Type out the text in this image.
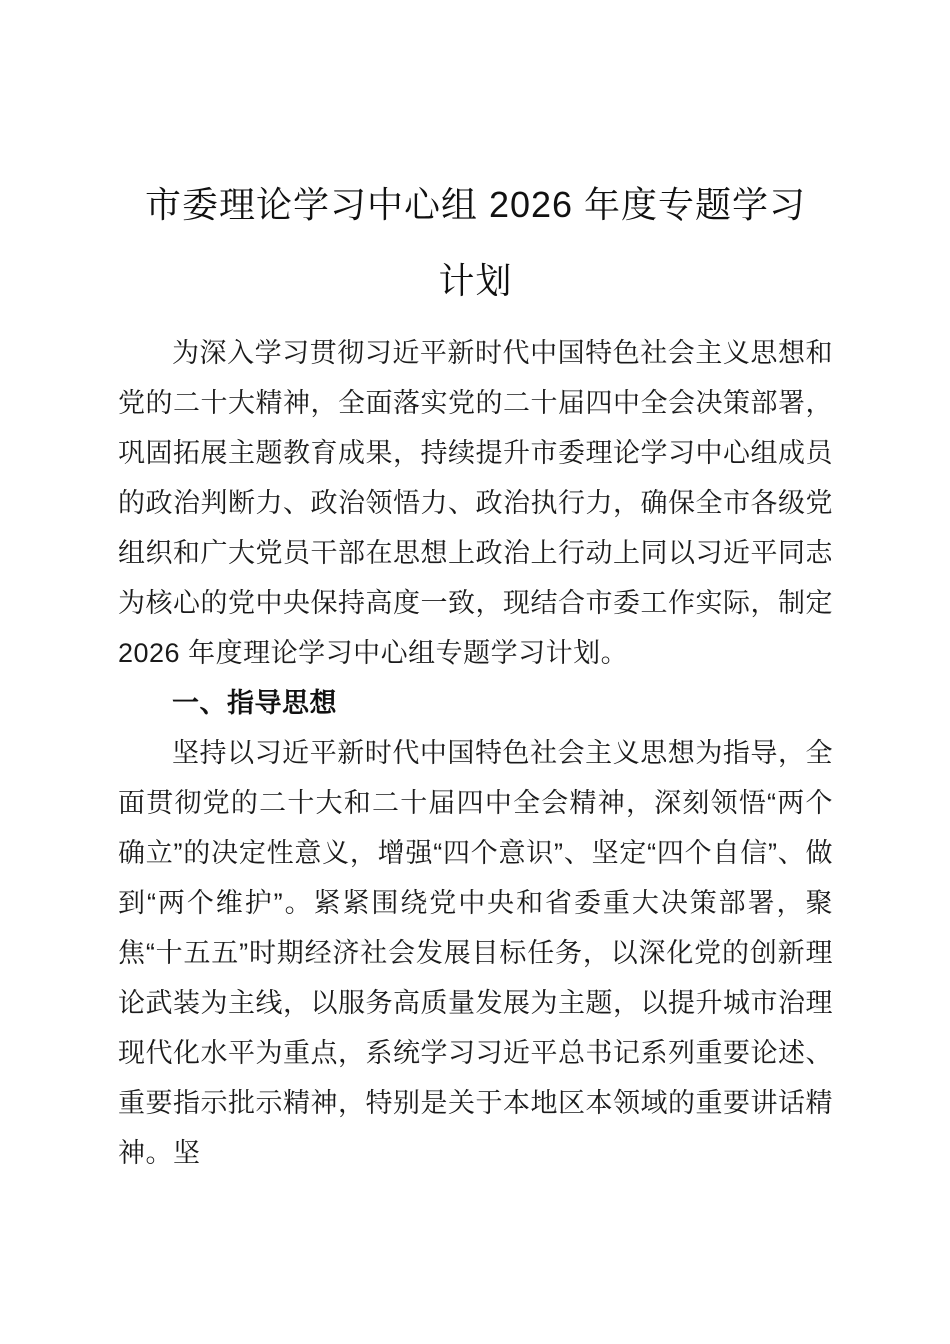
市委理论学习中心组 2026 年度专题学习
计划

为深入学习贯彻习近平新时代中国特色社会主义思想和党的二十大精神，全面落实党的二十届四中全会决策部署，巩固拓展主题教育成果，持续提升市委理论学习中心组成员的政治判断力、政治领悟力、政治执行力，确保全市各级党组织和广大党员干部在思想上政治上行动上同以习近平同志为核心的党中央保持高度一致，现结合市委工作实际，制定 2026 年度理论学习中心组专题学习计划。

一、指导思想

坚持以习近平新时代中国特色社会主义思想为指导，全面贯彻党的二十大和二十届四中全会精神，深刻领悟“两个确立”的决定性意义，增强“四个意识”、坚定“四个自信”、做到“两个维护”。紧紧围绕党中央和省委重大决策部署，聚焦“十五五”时期经济社会发展目标任务，以深化党的创新理论武装为主线，以服务高质量发展为主题，以提升城市治理现代化水平为重点，系统学习习近平总书记系列重要论述、重要指示批示精神，特别是关于本地区本领域的重要讲话精神。坚
